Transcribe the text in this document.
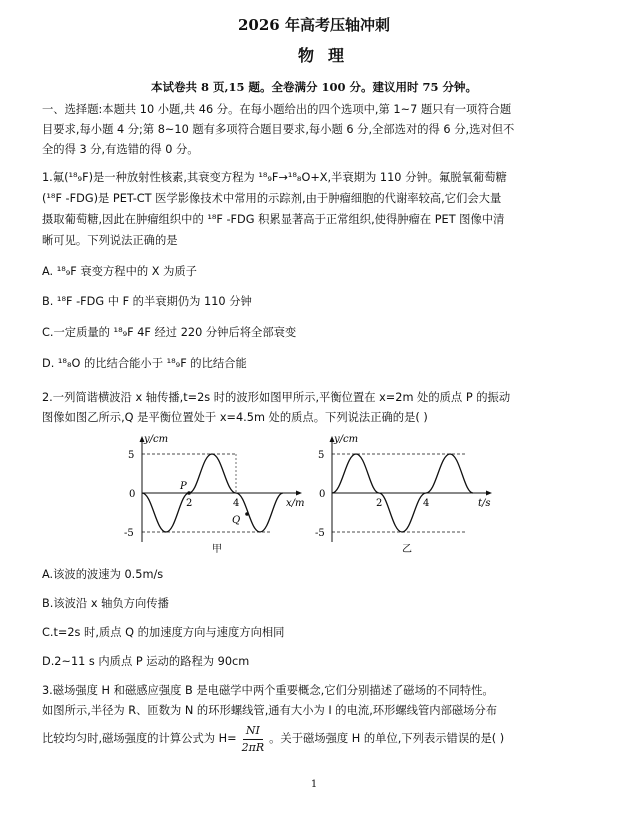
2026 年高考压轴冲刺
物理
本试卷共 8 页,15 题。全卷满分 100 分。建议用时 75 分钟。
一、选择题:本题共 10 小题,共 46 分。在每小题给出的四个选项中,第 1~7 题只有一项符合题
目要求,每小题 4 分;第 8~10 题有多项符合题目要求,每小题 6 分,全部选对的得 6 分,选对但不
全的得 3 分,有选错的得 0 分。
1.氟(¹⁸₉F)是一种放射性核素,其衰变方程为 ¹⁸₉F→¹⁸₈O+X,半衰期为 110 分钟。氟脱氧葡萄糖
(¹⁸F -FDG)是 PET-CT 医学影像技术中常用的示踪剂,由于肿瘤细胞的代谢率较高,它们会大量
摄取葡萄糖,因此在肿瘤组织中的 ¹⁸F -FDG 积累显著高于正常组织,使得肿瘤在 PET 图像中清
晰可见。下列说法正确的是
A. ¹⁸₉F 衰变方程中的 X 为质子
B. ¹⁸F -FDG 中 F 的半衰期仍为 110 分钟
C.一定质量的 ¹⁸₉F 4F 经过 220 分钟后将全部衰变
D. ¹⁸₈O 的比结合能小于 ¹⁸₉F 的比结合能
2.一列简谐横波沿 x 轴传播,t=2s 时的波形如图甲所示,平衡位置在 x=2m 处的质点 P 的振动
图像如图乙所示,Q 是平衡位置处于 x=4.5m 处的质点。下列说法正确的是( )
y/cm
5
0
-5
2	4	x/m
P
Q
甲
y/cm
5
0
-5
2	4	t/s
乙
A.该波的波速为 0.5m/s
B.该波沿 x 轴负方向传播
C.t=2s 时,质点 Q 的加速度方向与速度方向相同
D.2~11 s 内质点 P 运动的路程为 90cm
3.磁场强度 H 和磁感应强度 B 是电磁学中两个重要概念,它们分别描述了磁场的不同特性。
如图所示,半径为 R、匝数为 N 的环形螺线管,通有大小为 I 的电流,环形螺线管内部磁场分布
比较均匀时,磁场强度的计算公式为 $H= \frac{NI}{2\pi R}$ 。关于磁场强度 H 的单位,下列表示错误的是( )
1
